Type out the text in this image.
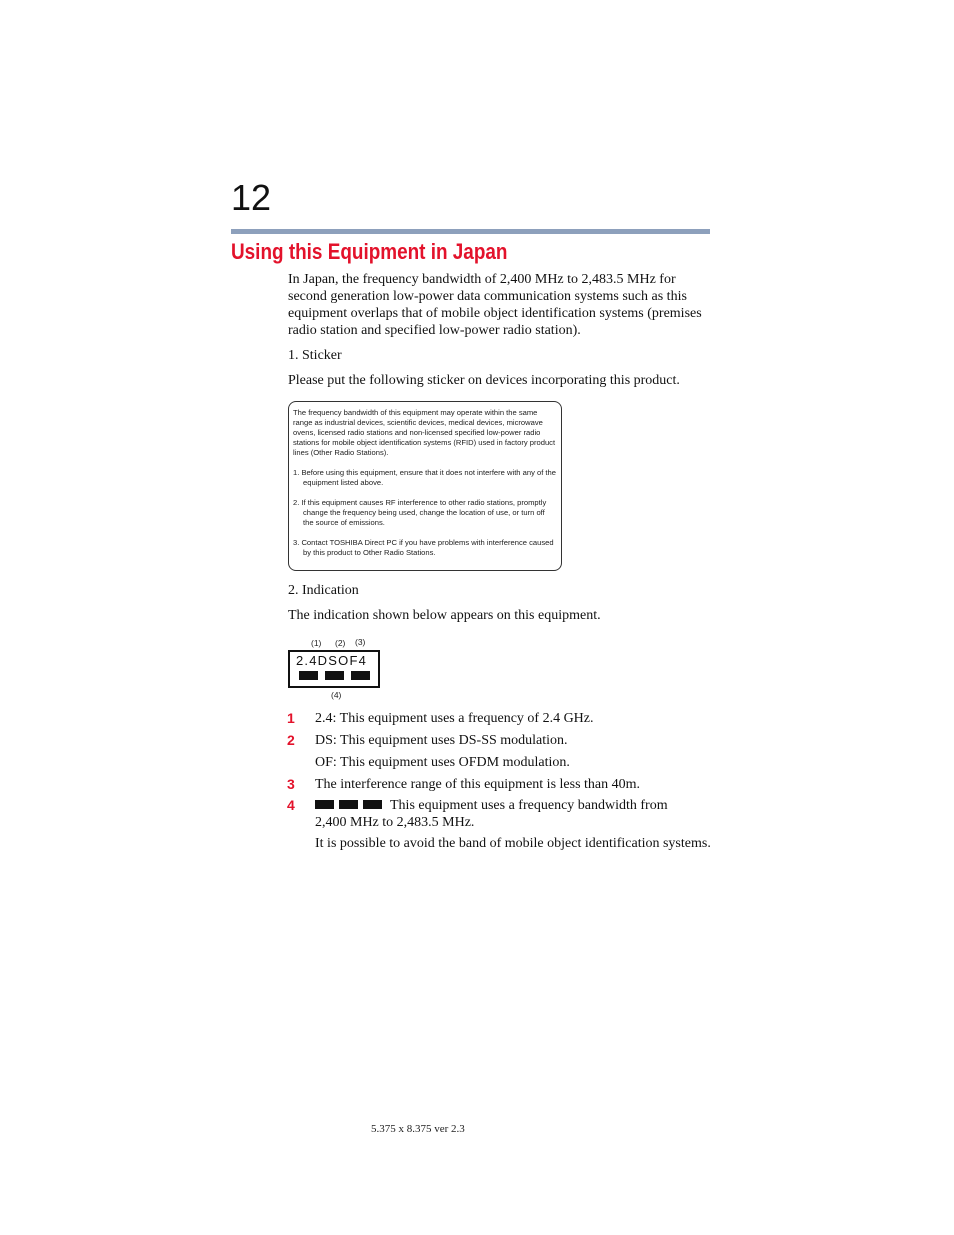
12
Using this Equipment in Japan

In Japan, the frequency bandwidth of 2,400 MHz to 2,483.5 MHz for second generation low-power data communication systems such as this equipment overlaps that of mobile object identification systems (premises radio station and specified low-power radio station).

1. Sticker

Please put the following sticker on devices incorporating this product.

The frequency bandwidth of this equipment may operate within the same range as industrial devices, scientific devices, medical devices, microwave ovens, licensed radio stations and non-licensed specified low-power radio stations for mobile object identification systems (RFID) used in factory product lines (Other Radio Stations).

1. Before using this equipment, ensure that it does not interfere with any of the equipment listed above.

2. If this equipment causes RF interference to other radio stations, promptly change the frequency being used, change the location of use, or turn off the source of emissions.

3. Contact TOSHIBA Direct PC if you have problems with interference caused by this product to Other Radio Stations.

2. Indication

The indication shown below appears on this equipment.

(1) (2) (3)
2.4DSOF4
(4)
1 2.4: This equipment uses a frequency of 2.4 GHz.

2 DS: This equipment uses DS-SS modulation.

OF: This equipment uses OFDM modulation.

3 The interference range of this equipment is less than 40m.

4	This equipment uses a frequency bandwidth from 2,400 MHz to 2,483.5 MHz.

It is possible to avoid the band of mobile object identification systems.

5.375 x 8.375 ver 2.3
